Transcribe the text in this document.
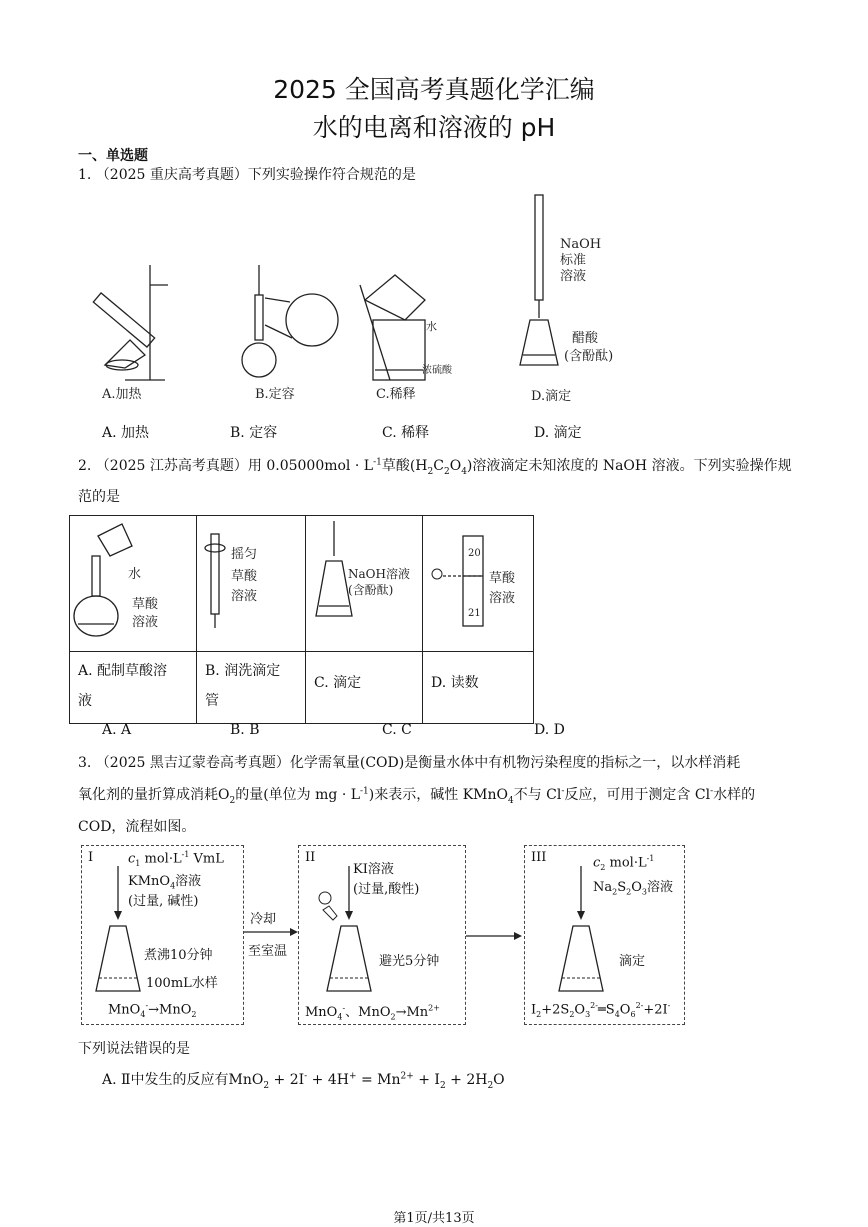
2025 全国高考真题化学汇编
水的电离和溶液的 pH
一、单选题
1. （2025 重庆高考真题）下列实验操作符合规范的是
浓硫酸
水
NaOH
标准
溶液
醋酸
(含酚酞)
A.加热	B.定容	C.稀释	D.滴定
A. 加热	B. 定容	C. 稀释	D. 滴定
2. （2025 江苏高考真题）用 $0.05000mol \cdot L^{-1}$草酸$(H_2C_2O_4)$溶液滴定未知浓度的 NaOH 溶液。下列实验操作规
范的是
水
草酸
溶液	摇匀
草酸
溶液	NaOH溶液
(含酚酞)	20
21
草酸
溶液

A. 配制草酸溶
液	B. 润洗滴定
管	C. 滴定	D. 读数
A. A	B. B	C. C	D. D
3. （2025 黑吉辽蒙卷高考真题）化学需氧量(COD)是衡量水体中有机物污染程度的指标之一，以水样消耗
氧化剂的量折算成消耗$O_2$的量(单位为 mg · $L^{-1}$)来表示，碱性 KMnO$_4$不与 Cl-反应，可用于测定含 Cl-水样的
COD，流程如图。
I	$c_1$ $mol\cdot L^{-1}$ VmL
KMnO$_4$溶液
(过量, 碱性)
煮沸10分钟
100mL水样
MnO$_4$-→MnO$_2$
冷却
至室温
II
KI溶液
(过量,酸性)
避光5分钟
MnO$_4$-、$MnO_2\to Mn^{2+}$
III	$c_2$ $mol\cdot L^{-1}$
$Na_2S_2O_3$溶液
滴定
$I_2+2S_2O_3^{2-}═S_4O_6^{2-}+2I^-$
下列说法错误的是
A. Ⅱ中发生的反应有$MnO_2 + 2I^- + 4H^+ = Mn^{2+} + I_2 + 2H_2O$
第1页/共13页
